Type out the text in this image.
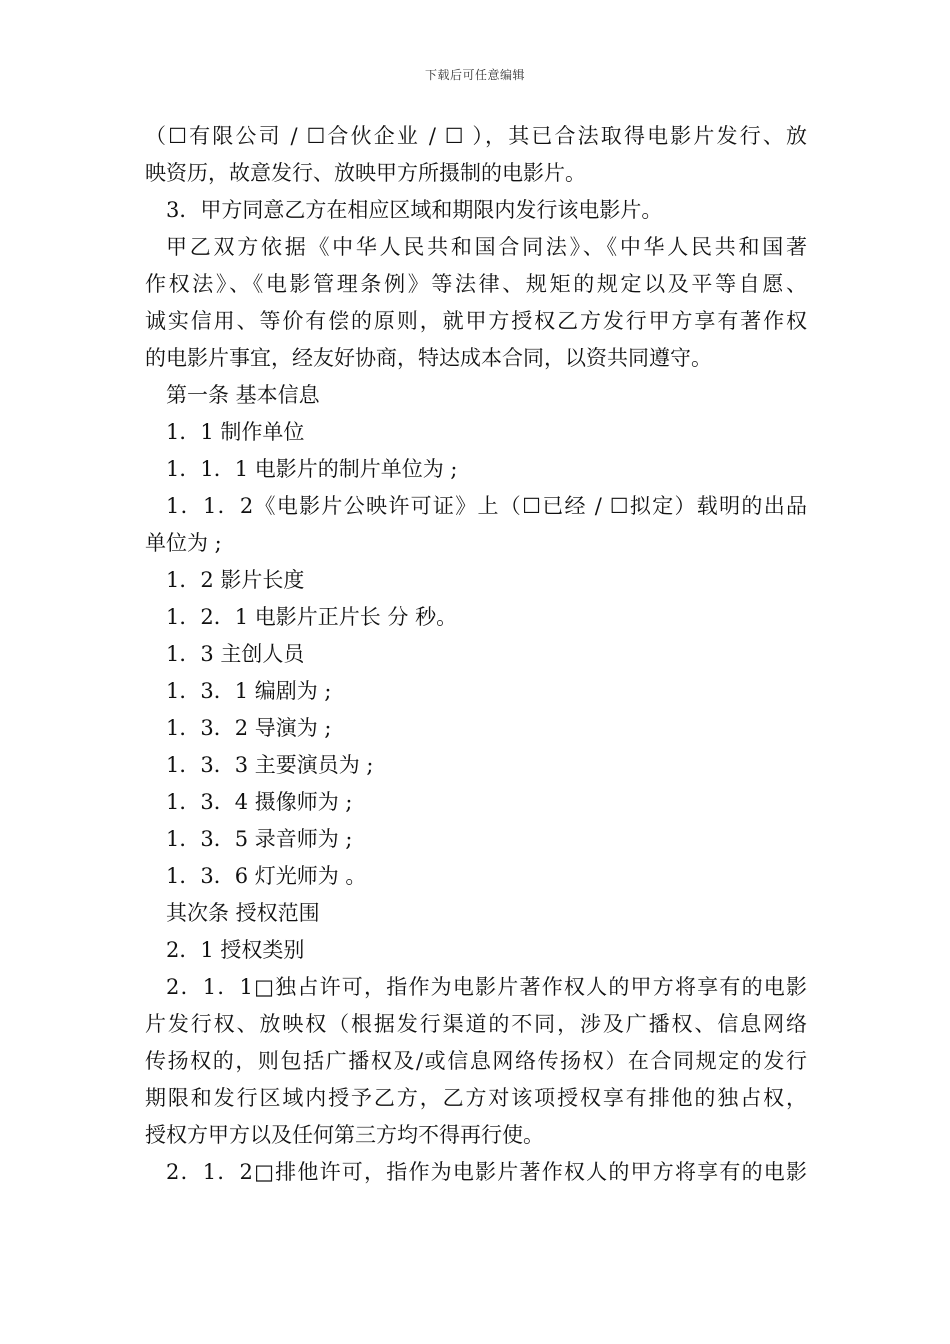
下载后可任意编辑

（☐有限公司 / ☐合伙企业 / ☐ ），其已合法取得电影片发行、放

映资历，故意发行、放映甲方所摄制的电影片。

3．甲方同意乙方在相应区域和期限内发行该电影片。

甲乙双方依据《中华人民共和国合同法》、《中华人民共和国著

作权法》、《电影管理条例》等法律、规矩的规定以及平等自愿、

诚实信用、等价有偿的原则，就甲方授权乙方发行甲方享有著作权

的电影片事宜，经友好协商，特达成本合同，以资共同遵守。

第一条 基本信息

1．1 制作单位

1．1．1 电影片的制片单位为 ;

1．1．2《电影片公映许可证》上（☐已经 / ☐拟定）载明的出品

单位为 ;

1．2 影片长度

1．2．1 电影片正片长 分 秒。

1．3 主创人员

1．3．1 编剧为 ;

1．3．2 导演为 ;

1．3．3 主要演员为 ;

1．3．4 摄像师为 ;

1．3．5 录音师为 ;

1．3．6 灯光师为 。

其次条 授权范围

2．1 授权类别

2．1．1□独占许可，指作为电影片著作权人的甲方将享有的电影

片发行权、放映权（根据发行渠道的不同，涉及广播权、信息网络

传扬权的，则包括广播权及/或信息网络传扬权）在合同规定的发行

期限和发行区域内授予乙方，乙方对该项授权享有排他的独占权，

授权方甲方以及任何第三方均不得再行使。

2．1．2□排他许可，指作为电影片著作权人的甲方将享有的电影
